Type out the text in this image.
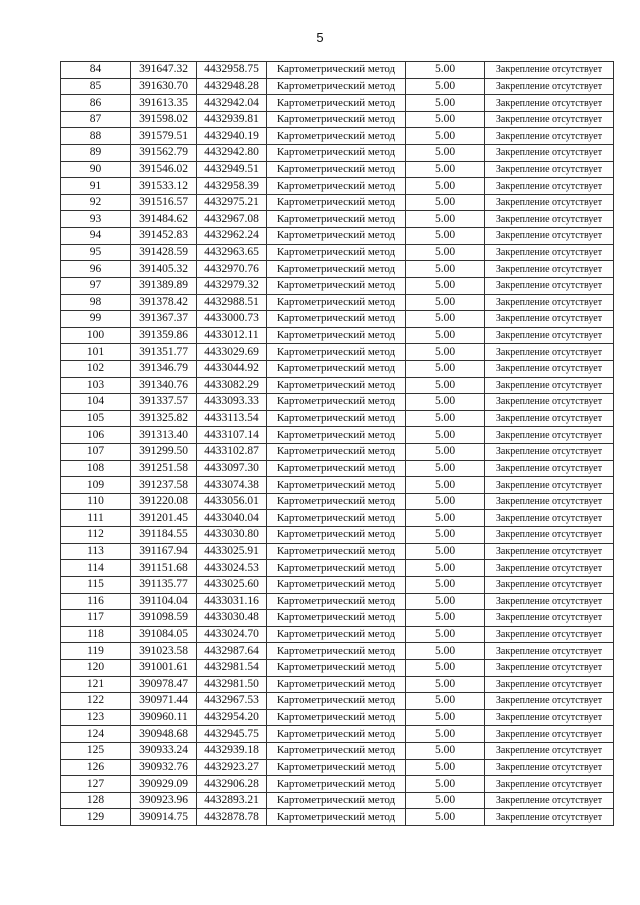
5
84	391647.32	4432958.75	Картометрический метод	5.00	Закрепление отсутствует
85	391630.70	4432948.28	Картометрический метод	5.00	Закрепление отсутствует
86	391613.35	4432942.04	Картометрический метод	5.00	Закрепление отсутствует
87	391598.02	4432939.81	Картометрический метод	5.00	Закрепление отсутствует
88	391579.51	4432940.19	Картометрический метод	5.00	Закрепление отсутствует
89	391562.79	4432942.80	Картометрический метод	5.00	Закрепление отсутствует
90	391546.02	4432949.51	Картометрический метод	5.00	Закрепление отсутствует
91	391533.12	4432958.39	Картометрический метод	5.00	Закрепление отсутствует
92	391516.57	4432975.21	Картометрический метод	5.00	Закрепление отсутствует
93	391484.62	4432967.08	Картометрический метод	5.00	Закрепление отсутствует
94	391452.83	4432962.24	Картометрический метод	5.00	Закрепление отсутствует
95	391428.59	4432963.65	Картометрический метод	5.00	Закрепление отсутствует
96	391405.32	4432970.76	Картометрический метод	5.00	Закрепление отсутствует
97	391389.89	4432979.32	Картометрический метод	5.00	Закрепление отсутствует
98	391378.42	4432988.51	Картометрический метод	5.00	Закрепление отсутствует
99	391367.37	4433000.73	Картометрический метод	5.00	Закрепление отсутствует
100	391359.86	4433012.11	Картометрический метод	5.00	Закрепление отсутствует
101	391351.77	4433029.69	Картометрический метод	5.00	Закрепление отсутствует
102	391346.79	4433044.92	Картометрический метод	5.00	Закрепление отсутствует
103	391340.76	4433082.29	Картометрический метод	5.00	Закрепление отсутствует
104	391337.57	4433093.33	Картометрический метод	5.00	Закрепление отсутствует
105	391325.82	4433113.54	Картометрический метод	5.00	Закрепление отсутствует
106	391313.40	4433107.14	Картометрический метод	5.00	Закрепление отсутствует
107	391299.50	4433102.87	Картометрический метод	5.00	Закрепление отсутствует
108	391251.58	4433097.30	Картометрический метод	5.00	Закрепление отсутствует
109	391237.58	4433074.38	Картометрический метод	5.00	Закрепление отсутствует
110	391220.08	4433056.01	Картометрический метод	5.00	Закрепление отсутствует
111	391201.45	4433040.04	Картометрический метод	5.00	Закрепление отсутствует
112	391184.55	4433030.80	Картометрический метод	5.00	Закрепление отсутствует
113	391167.94	4433025.91	Картометрический метод	5.00	Закрепление отсутствует
114	391151.68	4433024.53	Картометрический метод	5.00	Закрепление отсутствует
115	391135.77	4433025.60	Картометрический метод	5.00	Закрепление отсутствует
116	391104.04	4433031.16	Картометрический метод	5.00	Закрепление отсутствует
117	391098.59	4433030.48	Картометрический метод	5.00	Закрепление отсутствует
118	391084.05	4433024.70	Картометрический метод	5.00	Закрепление отсутствует
119	391023.58	4432987.64	Картометрический метод	5.00	Закрепление отсутствует
120	391001.61	4432981.54	Картометрический метод	5.00	Закрепление отсутствует
121	390978.47	4432981.50	Картометрический метод	5.00	Закрепление отсутствует
122	390971.44	4432967.53	Картометрический метод	5.00	Закрепление отсутствует
123	390960.11	4432954.20	Картометрический метод	5.00	Закрепление отсутствует
124	390948.68	4432945.75	Картометрический метод	5.00	Закрепление отсутствует
125	390933.24	4432939.18	Картометрический метод	5.00	Закрепление отсутствует
126	390932.76	4432923.27	Картометрический метод	5.00	Закрепление отсутствует
127	390929.09	4432906.28	Картометрический метод	5.00	Закрепление отсутствует
128	390923.96	4432893.21	Картометрический метод	5.00	Закрепление отсутствует
129	390914.75	4432878.78	Картометрический метод	5.00	Закрепление отсутствует
